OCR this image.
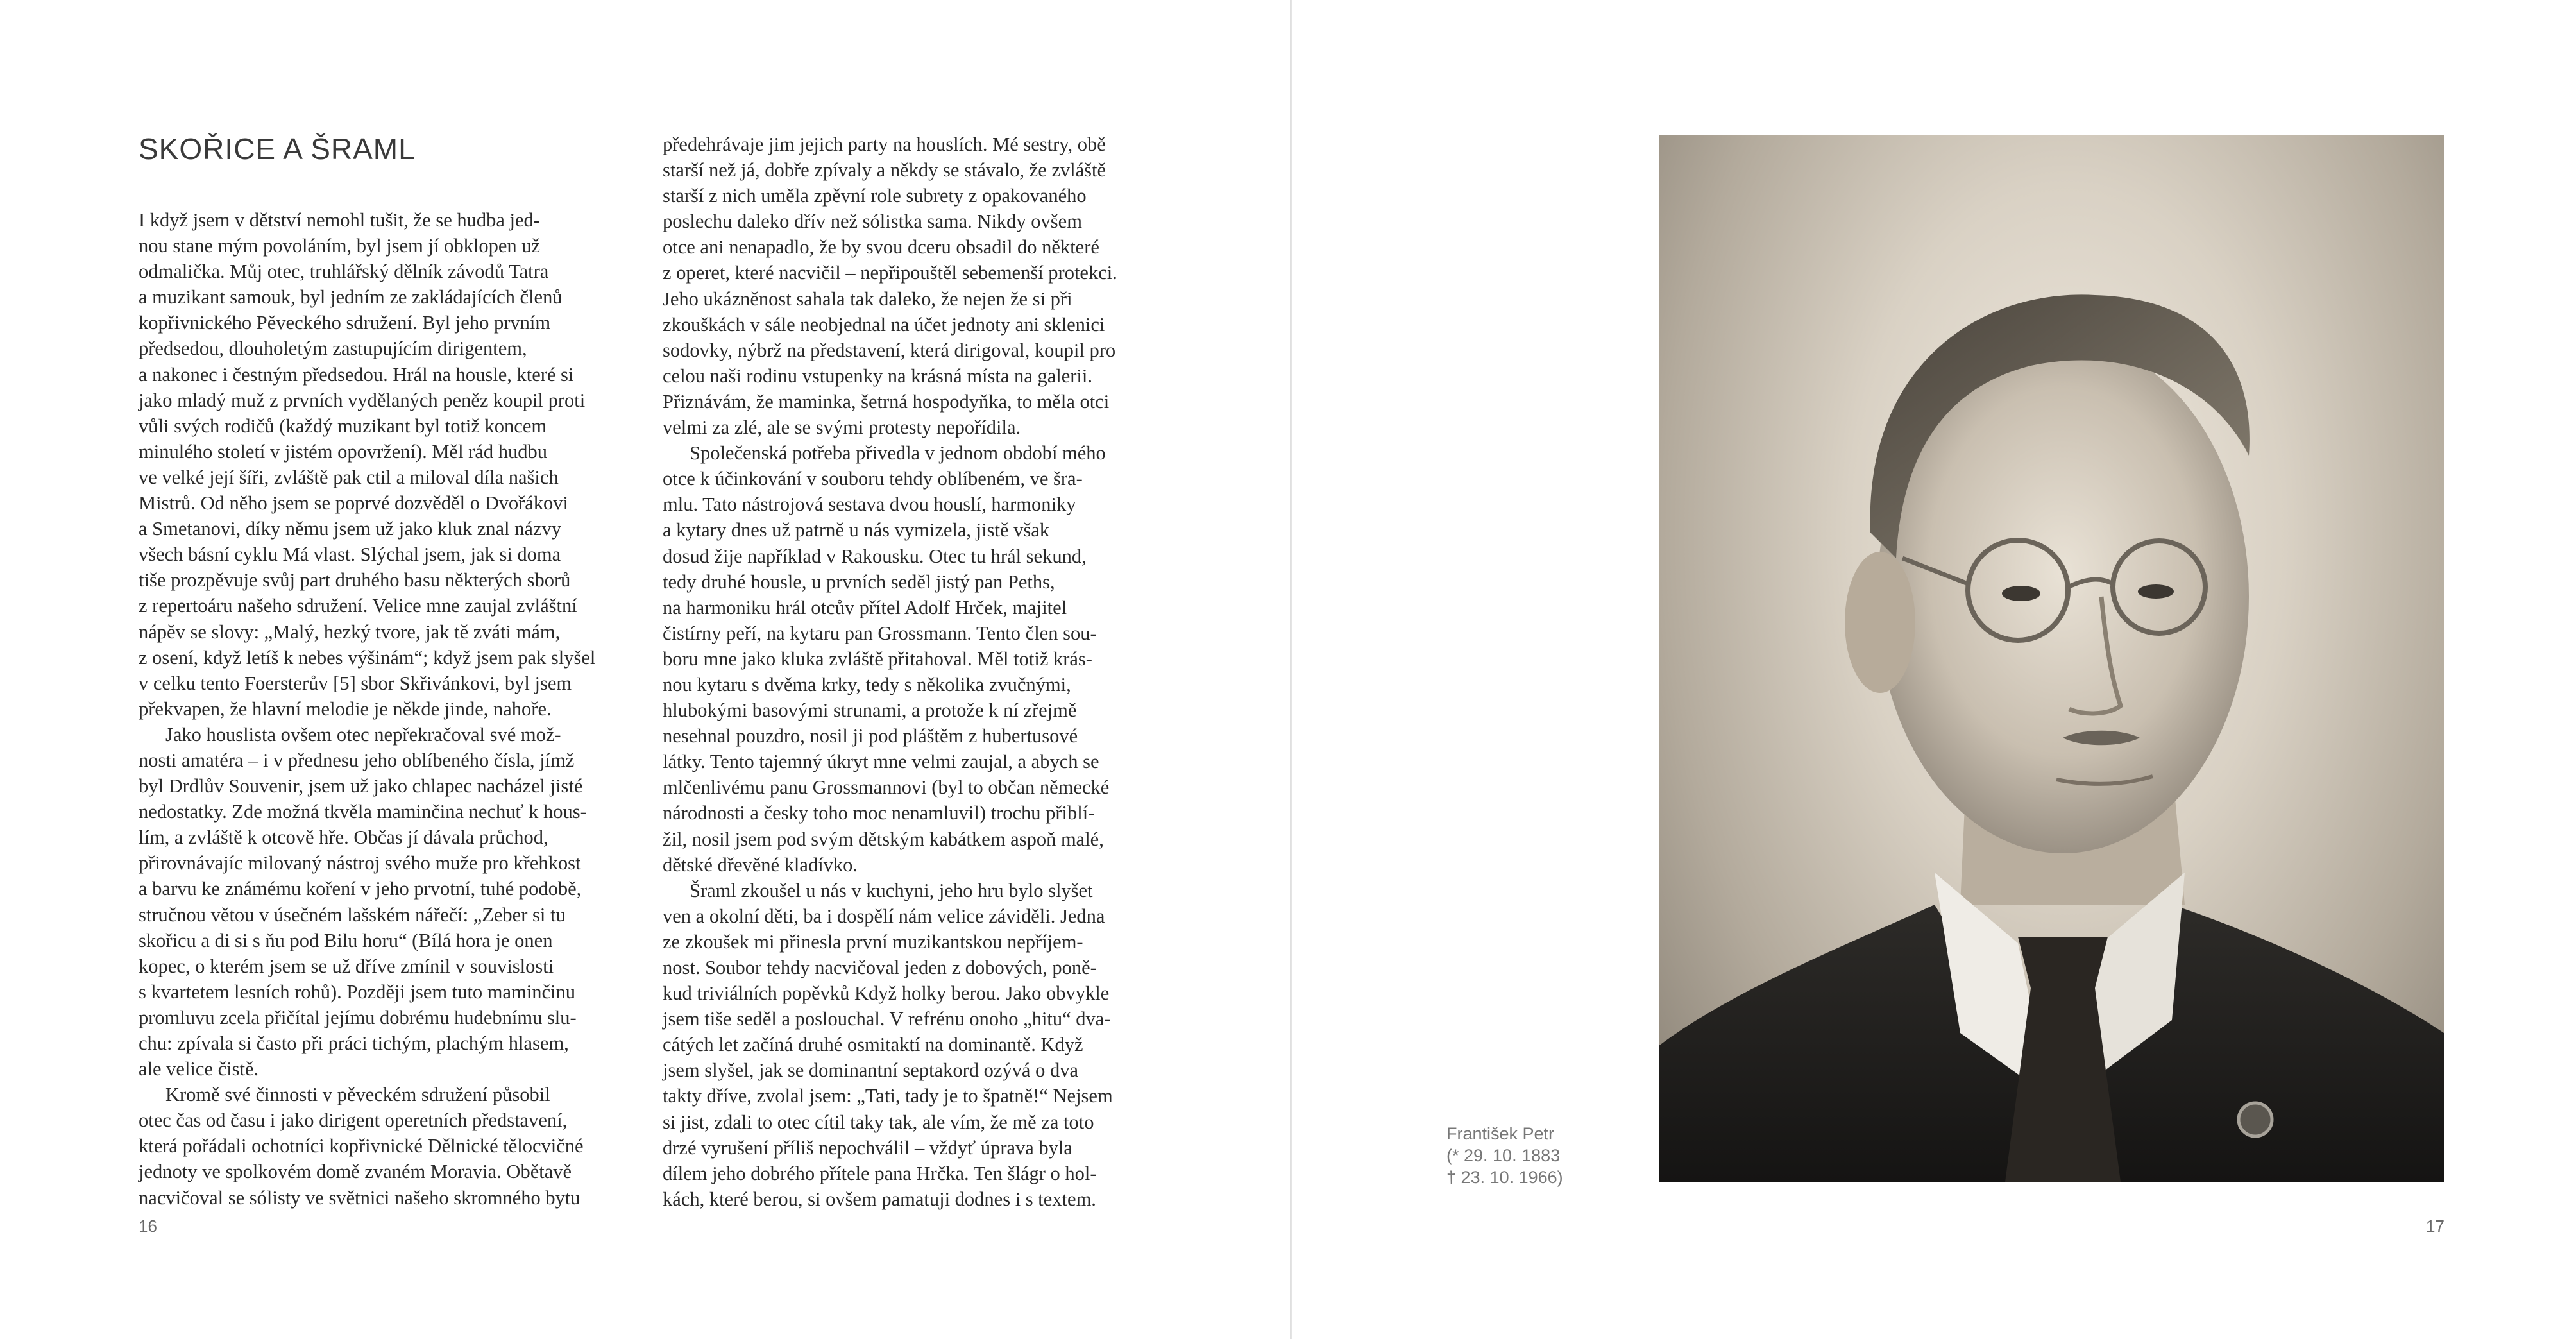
SKOŘICE A ŠRAML
I když jsem v dětství nemohl tušit, že se hudba jed-
nou stane mým povoláním, byl jsem jí obklopen už
odmalička. Můj otec, truhlářský dělník závodů Tatra
a muzikant samouk, byl jedním ze zakládajících členů
kopřivnického Pěveckého sdružení. Byl jeho prvním
předsedou, dlouholetým zastupujícím dirigentem,
a nakonec i čestným předsedou. Hrál na housle, které si
jako mladý muž z prvních vydělaných peněz koupil proti
vůli svých rodičů (každý muzikant byl totiž koncem
minulého století v jistém opovržení). Měl rád hudbu
ve velké její šíři, zvláště pak ctil a miloval díla našich
Mistrů. Od něho jsem se poprvé dozvěděl o Dvořákovi
a Smetanovi, díky němu jsem už jako kluk znal názvy
všech básní cyklu Má vlast. Slýchal jsem, jak si doma
tiše prozpěvuje svůj part druhého basu některých sborů
z repertoáru našeho sdružení. Velice mne zaujal zvláštní
nápěv se slovy: „Malý, hezký tvore, jak tě zváti mám,
z osení, když letíš k nebes výšinám“; když jsem pak slyšel
v celku tento Foersterův [5] sbor Skřivánkovi, byl jsem
překvapen, že hlavní melodie je někde jinde, nahoře.
Jako houslista ovšem otec nepřekračoval své mož-
nosti amatéra – i v přednesu jeho oblíbeného čísla, jímž
byl Drdlův Souvenir, jsem už jako chlapec nacházel jisté
nedostatky. Zde možná tkvěla maminčina nechuť k hous-
lím, a zvláště k otcově hře. Občas jí dávala průchod,
přirovnávajíc milovaný nástroj svého muže pro křehkost
a barvu ke známému koření v jeho prvotní, tuhé podobě,
stručnou větou v úsečném lašském nářečí: „Zeber si tu
skořicu a di si s ňu pod Bilu horu“ (Bílá hora je onen
kopec, o kterém jsem se už dříve zmínil v souvislosti
s kvartetem lesních rohů). Později jsem tuto maminčinu
promluvu zcela přičítal jejímu dobrému hudebnímu slu-
chu: zpívala si často při práci tichým, plachým hlasem,
ale velice čistě.
Kromě své činnosti v pěveckém sdružení působil
otec čas od času i jako dirigent operetních představení,
která pořádali ochotníci kopřivnické Dělnické tělocvičné
jednoty ve spolkovém domě zvaném Moravia. Obětavě
nacvičoval se sólisty ve světnici našeho skromného bytu
16
předehrávaje jim jejich party na houslích. Mé sestry, obě
starší než já, dobře zpívaly a někdy se stávalo, že zvláště
starší z nich uměla zpěvní role subrety z opakovaného
poslechu daleko dřív než sólistka sama. Nikdy ovšem
otce ani nenapadlo, že by svou dceru obsadil do některé
z operet, které nacvičil – nepřipouštěl sebemenší protekci.
Jeho ukázněnost sahala tak daleko, že nejen že si při
zkouškách v sále neobjednal na účet jednoty ani sklenici
sodovky, nýbrž na představení, která dirigoval, koupil pro
celou naši rodinu vstupenky na krásná místa na galerii.
Přiznávám, že maminka, šetrná hospodyňka, to měla otci
velmi za zlé, ale se svými protesty nepořídila.
Společenská potřeba přivedla v jednom období mého
otce k účinkování v souboru tehdy oblíbeném, ve šra-
mlu. Tato nástrojová sestava dvou houslí, harmoniky
a kytary dnes už patrně u nás vymizela, jistě však
dosud žije například v Rakousku. Otec tu hrál sekund,
tedy druhé housle, u prvních seděl jistý pan Peths,
na harmoniku hrál otcův přítel Adolf Hrček, majitel
čistírny peří, na kytaru pan Grossmann. Tento člen sou-
boru mne jako kluka zvláště přitahoval. Měl totiž krás-
nou kytaru s dvěma krky, tedy s několika zvučnými,
hlubokými basovými strunami, a protože k ní zřejmě
nesehnal pouzdro, nosil ji pod pláštěm z hubertusové
látky. Tento tajemný úkryt mne velmi zaujal, a abych se
mlčenlivému panu Grossmannovi (byl to občan německé
národnosti a česky toho moc nenamluvil) trochu přiblí-
žil, nosil jsem pod svým dětským kabátkem aspoň malé,
dětské dřevěné kladívko.
Šraml zkoušel u nás v kuchyni, jeho hru bylo slyšet
ven a okolní děti, ba i dospělí nám velice záviděli. Jedna
ze zkoušek mi přinesla první muzikantskou nepříjem-
nost. Soubor tehdy nacvičoval jeden z dobových, poně-
kud triviálních popěvků Když holky berou. Jako obvykle
jsem tiše seděl a poslouchal. V refrénu onoho „hitu“ dva-
cátých let začíná druhé osmitaktí na dominantě. Když
jsem slyšel, jak se dominantní septakord ozývá o dva
takty dříve, zvolal jsem: „Tati, tady je to špatně!“ Nejsem
si jist, zdali to otec cítil taky tak, ale vím, že mě za toto
drzé vyrušení příliš nepochválil – vždyť úprava byla
dílem jeho dobrého přítele pana Hrčka. Ten šlágr o hol-
kách, které berou, si ovšem pamatuji dodnes i s textem.
František Petr
(* 29. 10. 1883
† 23. 10. 1966)
17
